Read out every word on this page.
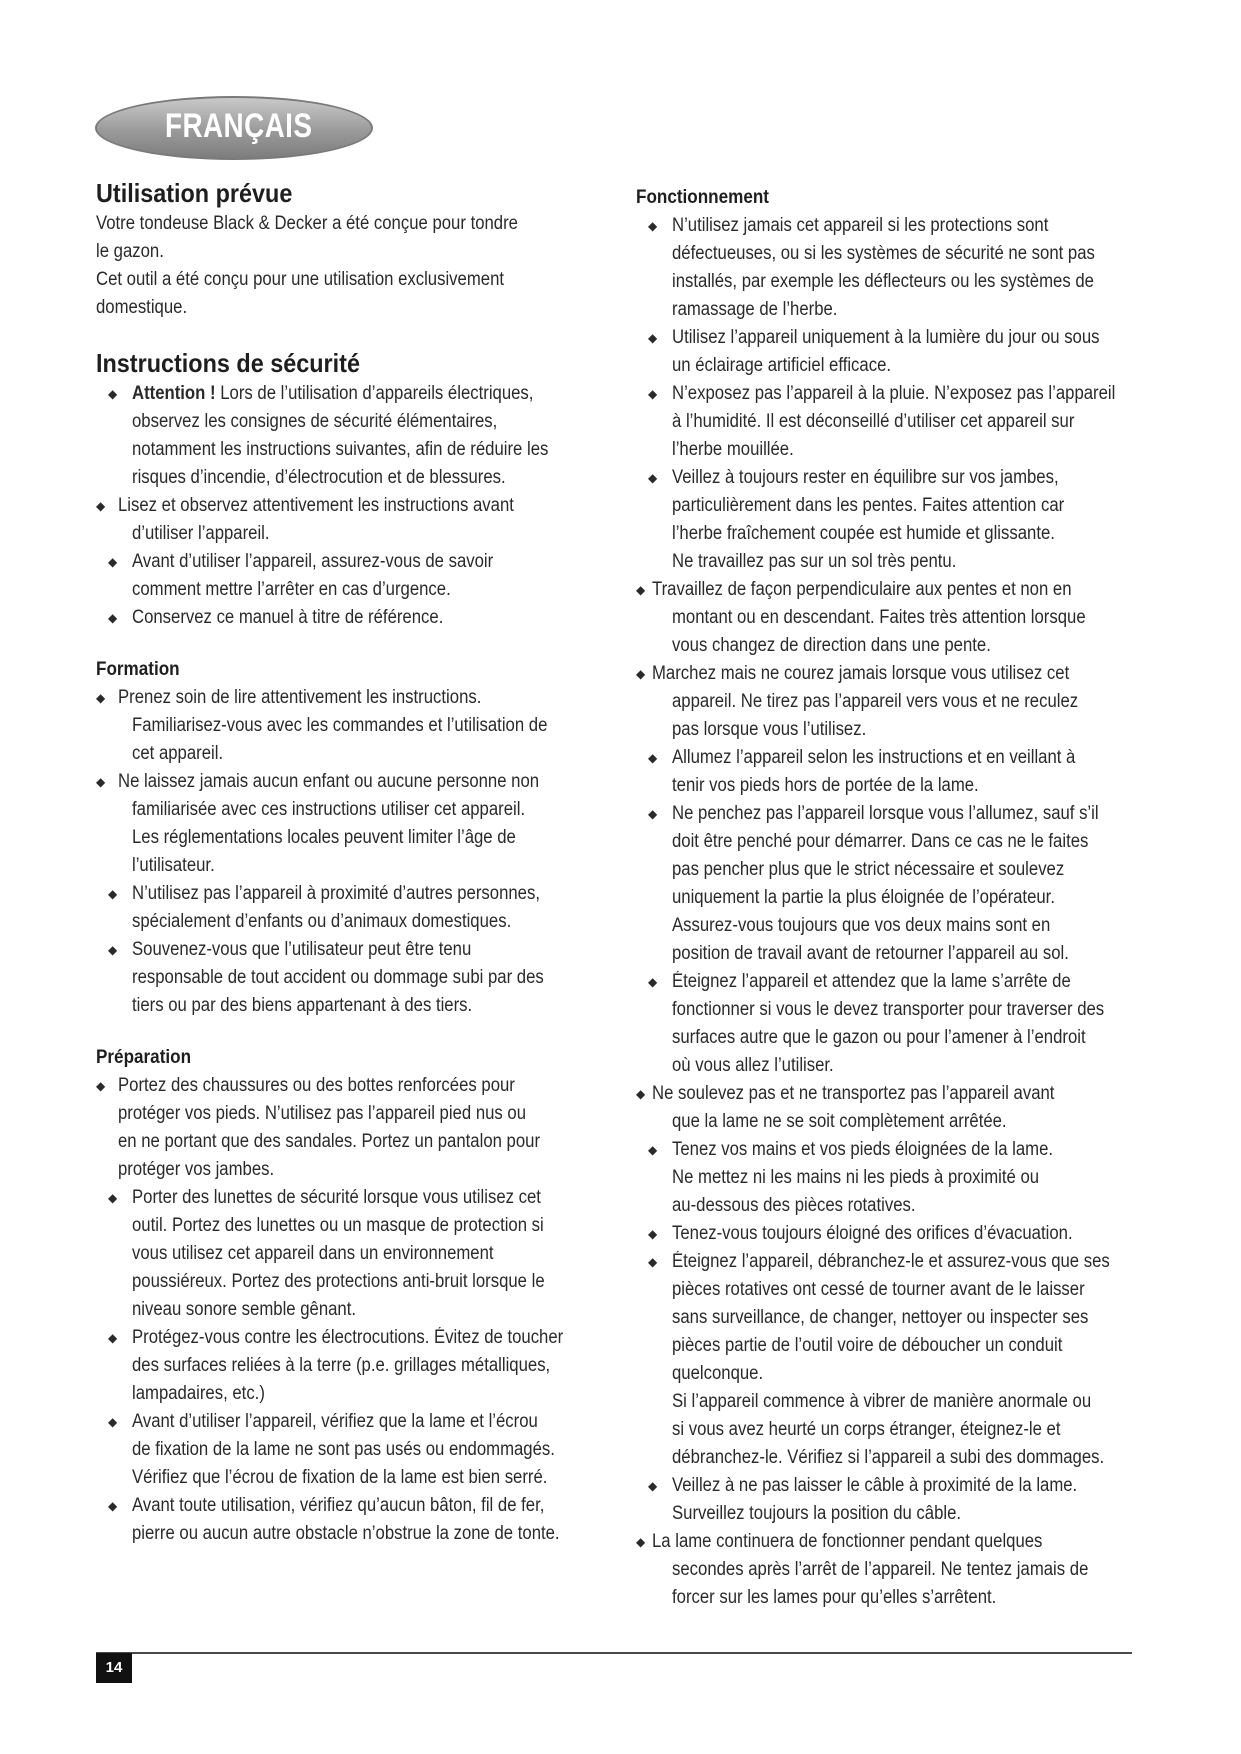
FRANÇAIS
Utilisation prévue

Votre tondeuse Black & Decker a été conçue pour tondre

le gazon.

Cet outil a été conçu pour une utilisation exclusivement

domestique.

Instructions de sécurité
◆ Attention ! Lors de l’utilisation d’appareils électriques,
observez les consignes de sécurité élémentaires,
notamment les instructions suivantes, afin de réduire les
risques d’incendie, d’électrocution et de blessures.
◆ Lisez et observez attentivement les instructions avant
d’utiliser l’appareil.
◆ Avant d’utiliser l’appareil, assurez-vous de savoir
comment mettre l’arrêter en cas d’urgence.
◆ Conservez ce manuel à titre de référence.
Formation
◆ Prenez soin de lire attentivement les instructions.
Familiarisez-vous avec les commandes et l’utilisation de
cet appareil.
◆ Ne laissez jamais aucun enfant ou aucune personne non
familiarisée avec ces instructions utiliser cet appareil.
Les réglementations locales peuvent limiter l’âge de
l’utilisateur.
◆ N’utilisez pas l’appareil à proximité d’autres personnes,
spécialement d’enfants ou d’animaux domestiques.
◆ Souvenez-vous que l’utilisateur peut être tenu
responsable de tout accident ou dommage subi par des
tiers ou par des biens appartenant à des tiers.
Préparation
◆ Portez des chaussures ou des bottes renforcées pour
protéger vos pieds. N’utilisez pas l’appareil pied nus ou
en ne portant que des sandales. Portez un pantalon pour
protéger vos jambes.
◆ Porter des lunettes de sécurité lorsque vous utilisez cet
outil. Portez des lunettes ou un masque de protection si
vous utilisez cet appareil dans un environnement
poussiéreux. Portez des protections anti-bruit lorsque le
niveau sonore semble gênant.
◆ Protégez-vous contre les électrocutions. Évitez de toucher
des surfaces reliées à la terre (p.e. grillages métalliques,
lampadaires, etc.)
◆ Avant d’utiliser l’appareil, vérifiez que la lame et l’écrou
de fixation de la lame ne sont pas usés ou endommagés.
Vérifiez que l’écrou de fixation de la lame est bien serré.
◆ Avant toute utilisation, vérifiez qu’aucun bâton, fil de fer,
pierre ou aucun autre obstacle n’obstrue la zone de tonte.
Fonctionnement
◆ N’utilisez jamais cet appareil si les protections sont
défectueuses, ou si les systèmes de sécurité ne sont pas
installés, par exemple les déflecteurs ou les systèmes de
ramassage de l’herbe.
◆ Utilisez l’appareil uniquement à la lumière du jour ou sous
un éclairage artificiel efficace.
◆ N’exposez pas l’appareil à la pluie. N’exposez pas l’appareil
à l’humidité. Il est déconseillé d’utiliser cet appareil sur
l’herbe mouillée.
◆ Veillez à toujours rester en équilibre sur vos jambes,
particulièrement dans les pentes. Faites attention car
l’herbe fraîchement coupée est humide et glissante.
Ne travaillez pas sur un sol très pentu.
◆ Travaillez de façon perpendiculaire aux pentes et non en
montant ou en descendant. Faites très attention lorsque
vous changez de direction dans une pente.
◆ Marchez mais ne courez jamais lorsque vous utilisez cet
appareil. Ne tirez pas l’appareil vers vous et ne reculez
pas lorsque vous l’utilisez.
◆ Allumez l’appareil selon les instructions et en veillant à
tenir vos pieds hors de portée de la lame.
◆ Ne penchez pas l’appareil lorsque vous l’allumez, sauf s’il
doit être penché pour démarrer. Dans ce cas ne le faites
pas pencher plus que le strict nécessaire et soulevez
uniquement la partie la plus éloignée de l’opérateur.
Assurez-vous toujours que vos deux mains sont en
position de travail avant de retourner l’appareil au sol.
◆ Éteignez l’appareil et attendez que la lame s’arrête de
fonctionner si vous le devez transporter pour traverser des
surfaces autre que le gazon ou pour l’amener à l’endroit
où vous allez l’utiliser.
◆ Ne soulevez pas et ne transportez pas l’appareil avant
que la lame ne se soit complètement arrêtée.
◆ Tenez vos mains et vos pieds éloignées de la lame.
Ne mettez ni les mains ni les pieds à proximité ou
au-dessous des pièces rotatives.
◆ Tenez-vous toujours éloigné des orifices d’évacuation.
◆ Éteignez l’appareil, débranchez-le et assurez-vous que ses
pièces rotatives ont cessé de tourner avant de le laisser
sans surveillance, de changer, nettoyer ou inspecter ses
pièces partie de l’outil voire de déboucher un conduit
quelconque.
Si l’appareil commence à vibrer de manière anormale ou
si vous avez heurté un corps étranger, éteignez-le et
débranchez-le. Vérifiez si l’appareil a subi des dommages.
◆ Veillez à ne pas laisser le câble à proximité de la lame.
Surveillez toujours la position du câble.
◆ La lame continuera de fonctionner pendant quelques
secondes après l’arrêt de l’appareil. Ne tentez jamais de
forcer sur les lames pour qu’elles s’arrêtent.
14
